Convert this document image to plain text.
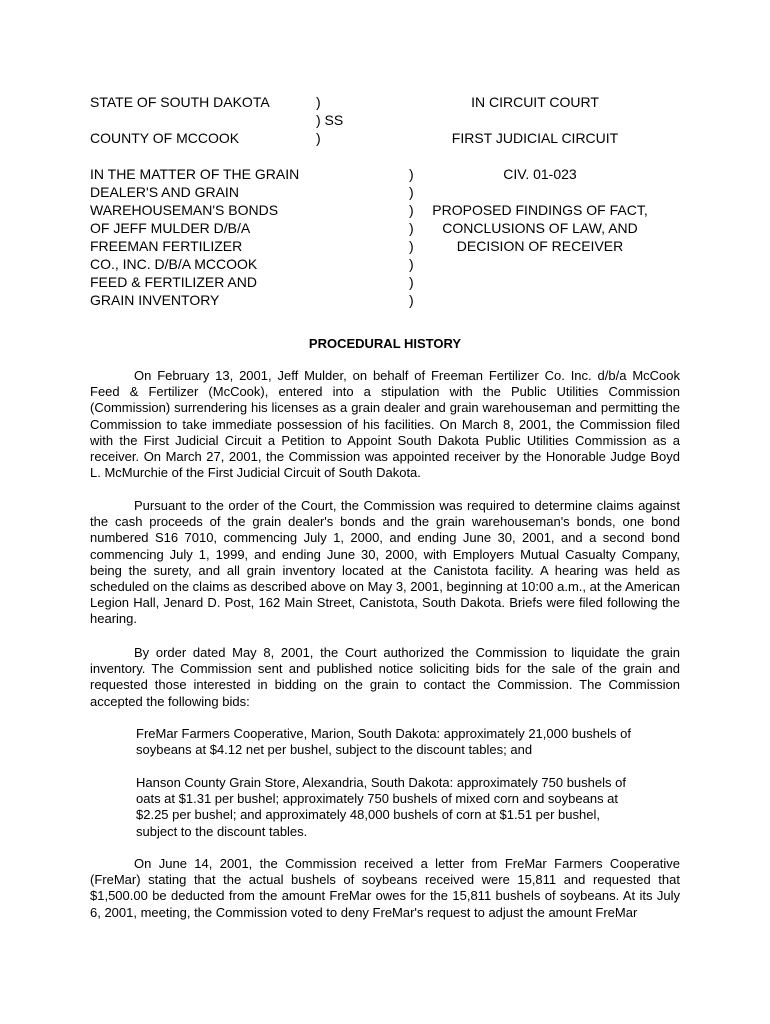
STATE OF SOUTH DAKOTA	)
) SS
COUNTY OF MCCOOK	)
IN CIRCUIT COURT
FIRST JUDICIAL CIRCUIT
IN THE MATTER OF THE GRAIN
DEALER'S AND GRAIN
WAREHOUSEMAN'S BONDS
OF JEFF MULDER D/B/A
FREEMAN FERTILIZER
CO., INC. D/B/A MCCOOK
FEED & FERTILIZER AND
GRAIN INVENTORY
)
)
)
)
)
)
)
)
CIV. 01-023
PROPOSED FINDINGS OF FACT,
CONCLUSIONS OF LAW, AND
DECISION OF RECEIVER
PROCEDURAL HISTORY
On February 13, 2001, Jeff Mulder, on behalf of Freeman Fertilizer Co. Inc. d/b/a McCook Feed & Fertilizer (McCook), entered into a stipulation with the Public Utilities Commission (Commission) surrendering his licenses as a grain dealer and grain warehouseman and permitting the Commission to take immediate possession of his facilities. On March 8, 2001, the Commission filed with the First Judicial Circuit a Petition to Appoint South Dakota Public Utilities Commission as a receiver. On March 27, 2001, the Commission was appointed receiver by the Honorable Judge Boyd L. McMurchie of the First Judicial Circuit of South Dakota.
Pursuant to the order of the Court, the Commission was required to determine claims against the cash proceeds of the grain dealer's bonds and the grain warehouseman's bonds, one bond numbered S16 7010, commencing July 1, 2000, and ending June 30, 2001, and a second bond commencing July 1, 1999, and ending June 30, 2000, with Employers Mutual Casualty Company, being the surety, and all grain inventory located at the Canistota facility. A hearing was held as scheduled on the claims as described above on May 3, 2001, beginning at 10:00 a.m., at the American Legion Hall, Jenard D. Post, 162 Main Street, Canistota, South Dakota. Briefs were filed following the hearing.
By order dated May 8, 2001, the Court authorized the Commission to liquidate the grain inventory. The Commission sent and published notice soliciting bids for the sale of the grain and requested those interested in bidding on the grain to contact the Commission. The Commission accepted the following bids:
FreMar Farmers Cooperative, Marion, South Dakota: approximately 21,000 bushels of soybeans at $4.12 net per bushel, subject to the discount tables; and
Hanson County Grain Store, Alexandria, South Dakota: approximately 750 bushels of oats at $1.31 per bushel; approximately 750 bushels of mixed corn and soybeans at $2.25 per bushel; and approximately 48,000 bushels of corn at $1.51 per bushel, subject to the discount tables.
On June 14, 2001, the Commission received a letter from FreMar Farmers Cooperative (FreMar) stating that the actual bushels of soybeans received were 15,811 and requested that $1,500.00 be deducted from the amount FreMar owes for the 15,811 bushels of soybeans. At its July 6, 2001, meeting, the Commission voted to deny FreMar's request to adjust the amount FreMar
